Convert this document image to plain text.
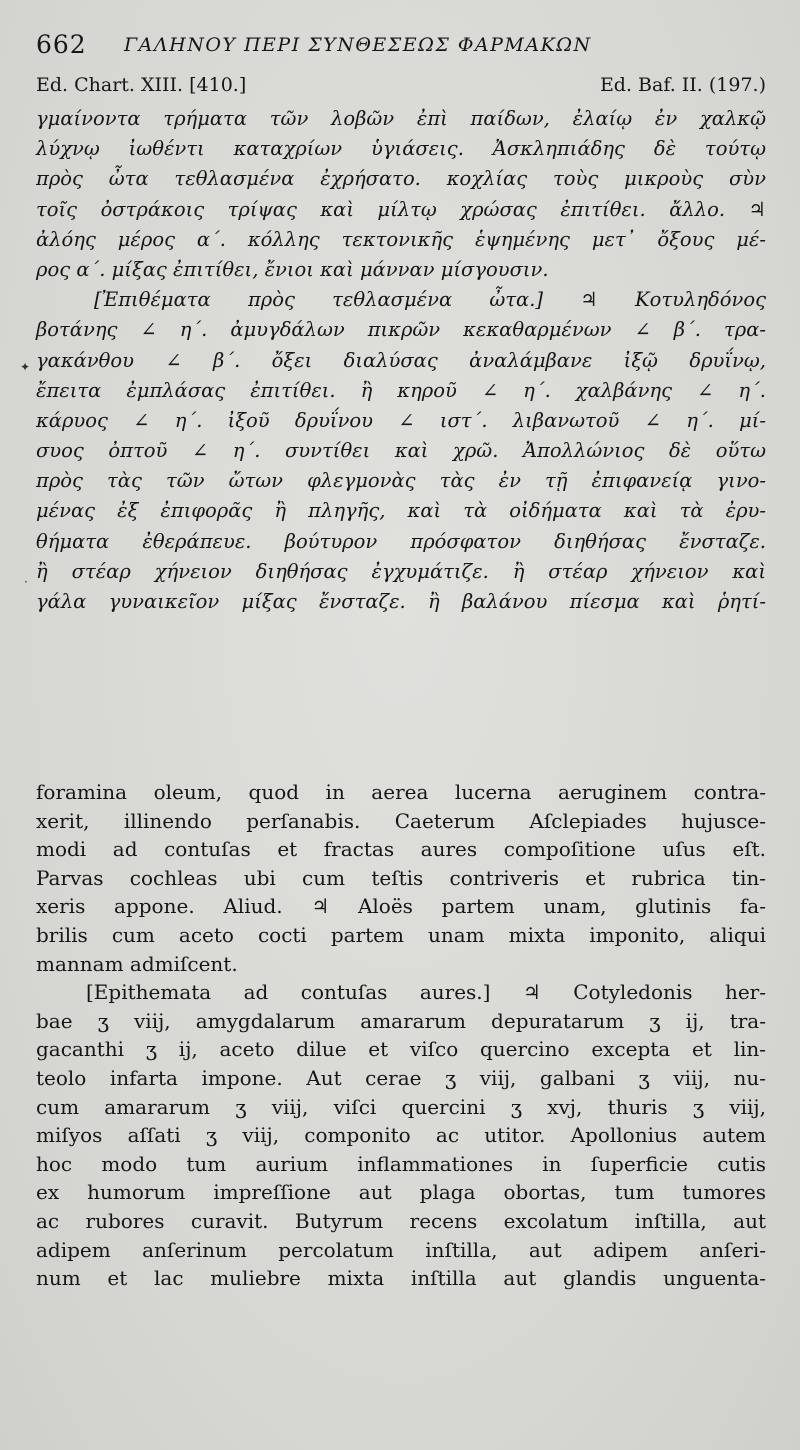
662 ΓΑΛΗΝΟΥ ΠΕΡΙ ΣΥΝΘΕΣΕΩΣ ΦΑΡΜΑΚΩΝ
Ed. Chart. XIII. [410.]	Ed. Baf. II. (197.)
γμαίνοντα τρήματα τῶν λοβῶν ἐπὶ παίδων, ἐλαίῳ ἐν χαλκῷ
λύχνῳ ἰωθέντι καταχρίων ὑγιάσεις. Ἀσκληπιάδης δὲ τούτῳ
πρὸς ὦτα τεθλασμένα ἐχρήσατο. κοχλίας τοὺς μικροὺς σὺν
τοῖς ὀστράκοις τρίψας καὶ μίλτῳ χρώσας ἐπιτίθει. ἄλλο. ♃
ἀλόης μέρος α΄. κόλλης τεκτονικῆς ἑψημένης μετ᾽ ὄξους μέ-
ρος α΄. μίξας ἐπιτίθει, ἔνιοι καὶ μάνναν μίσγουσιν.
[Ἐπιθέματα πρὸς τεθλασμένα ὦτα.] ♃ Κοτυληδόνος
βοτάνης ∠ η΄. ἀμυγδάλων πικρῶν κεκαθαρμένων ∠ β΄. τρα-
γακάνθου ∠ β΄. ὄξει διαλύσας ἀναλάμβανε ἰξῷ δρυΐνῳ,
ἔπειτα ἐμπλάσας ἐπιτίθει. ἢ κηροῦ ∠ η΄. χαλβάνης ∠ η΄.
κάρυος ∠ η΄. ἰξοῦ δρυΐνου ∠ ιστ΄. λιβανωτοῦ ∠ η΄. μί-
συος ὀπτοῦ ∠ η΄. συντίθει καὶ χρῶ. Ἀπολλώνιος δὲ οὕτω
πρὸς τὰς τῶν ὤτων φλεγμονὰς τὰς ἐν τῇ ἐπιφανείᾳ γινο-
μένας ἐξ ἐπιφορᾶς ἢ πληγῆς, καὶ τὰ οἰδήματα καὶ τὰ ἐρυ-
θήματα ἐθεράπευε. βούτυρον πρόσφατον διηθήσας ἔνσταζε.
ἢ στέαρ χήνειον διηθήσας ἐγχυμάτιζε. ἢ στέαρ χήνειον καὶ
γάλα γυναικεῖον μίξας ἔνσταζε. ἢ βαλάνου πίεσμα καὶ ῥητί-
✦
·
foramina oleum, quod in aerea lucerna aeruginem contra-
xerit, illinendo perſanabis. Caeterum Aſclepiades hujusce-
modi ad contuſas et fractas aures compoſitione uſus eſt.
Parvas cochleas ubi cum teſtis contriveris et rubrica tin-
xeris appone. Aliud. ♃ Aloës partem unam, glutinis fa-
brilis cum aceto cocti partem unam mixta imponito, aliqui
mannam admiſcent.
[Epithemata ad contuſas aures.] ♃ Cotyledonis her-
bae ʒ viij, amygdalarum amararum depuratarum ʒ ij, tra-
gacanthi ʒ ij, aceto dilue et viſco quercino excepta et lin-
teolo infarta impone. Aut cerae ʒ viij, galbani ʒ viij, nu-
cum amararum ʒ viij, viſci quercini ʒ xvj, thuris ʒ viij,
miſyos aſſati ʒ viij, componito ac utitor. Apollonius autem
hoc modo tum aurium inflammationes in ſuperficie cutis
ex humorum impreſſione aut plaga obortas, tum tumores
ac rubores curavit. Butyrum recens excolatum inſtilla, aut
adipem anſerinum percolatum inſtilla, aut adipem anſeri-
num et lac muliebre mixta inſtilla aut glandis unguenta-
